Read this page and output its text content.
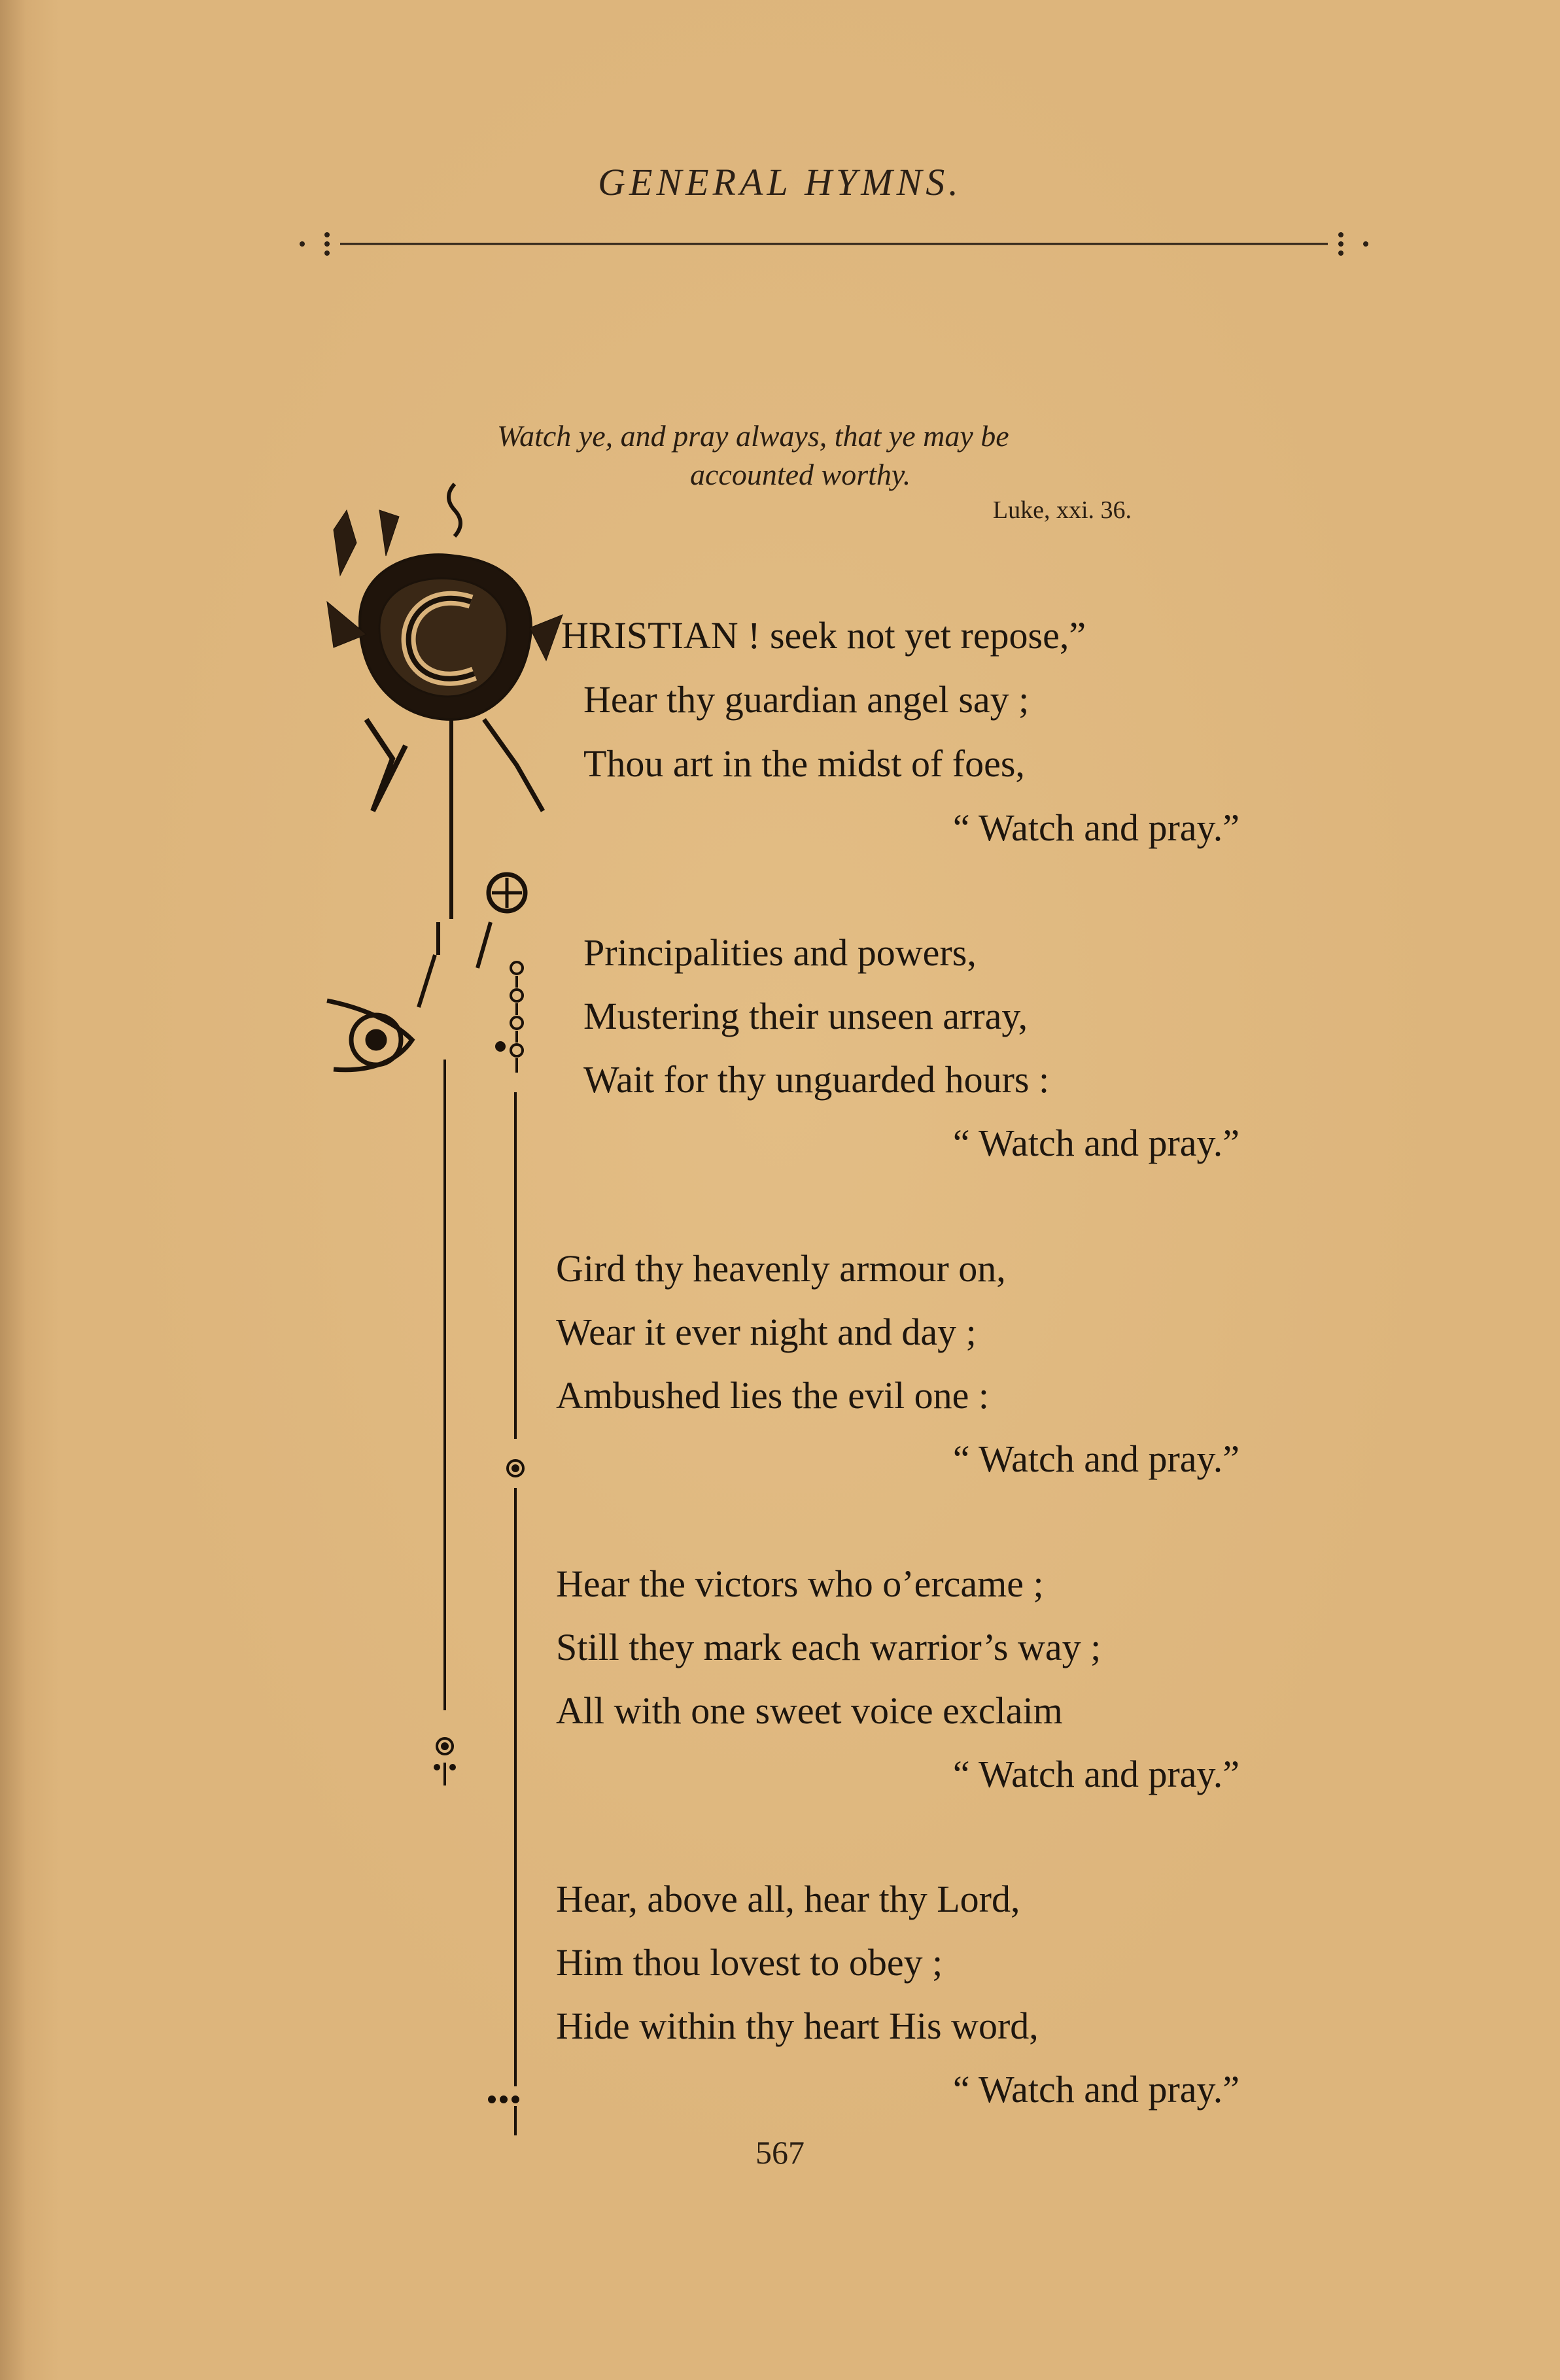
GENERAL HYMNS.
Watch ye, and pray always, that ye may be
accounted worthy.
Luke, xxi. 36.
HRISTIAN ! seek not yet repose,”
Hear thy guardian angel say ;
Thou art in the midst of foes,
“ Watch and pray.”
Principalities and powers,
Mustering their unseen array,
Wait for thy unguarded hours :
“ Watch and pray.”
Gird thy heavenly armour on,
Wear it ever night and day ;
Ambushed lies the evil one :
“ Watch and pray.”
Hear the victors who o’ercame ;
Still they mark each warrior’s way ;
All with one sweet voice exclaim
“ Watch and pray.”
Hear, above all, hear thy Lord,
Him thou lovest to obey ;
Hide within thy heart His word,
“ Watch and pray.”
567
